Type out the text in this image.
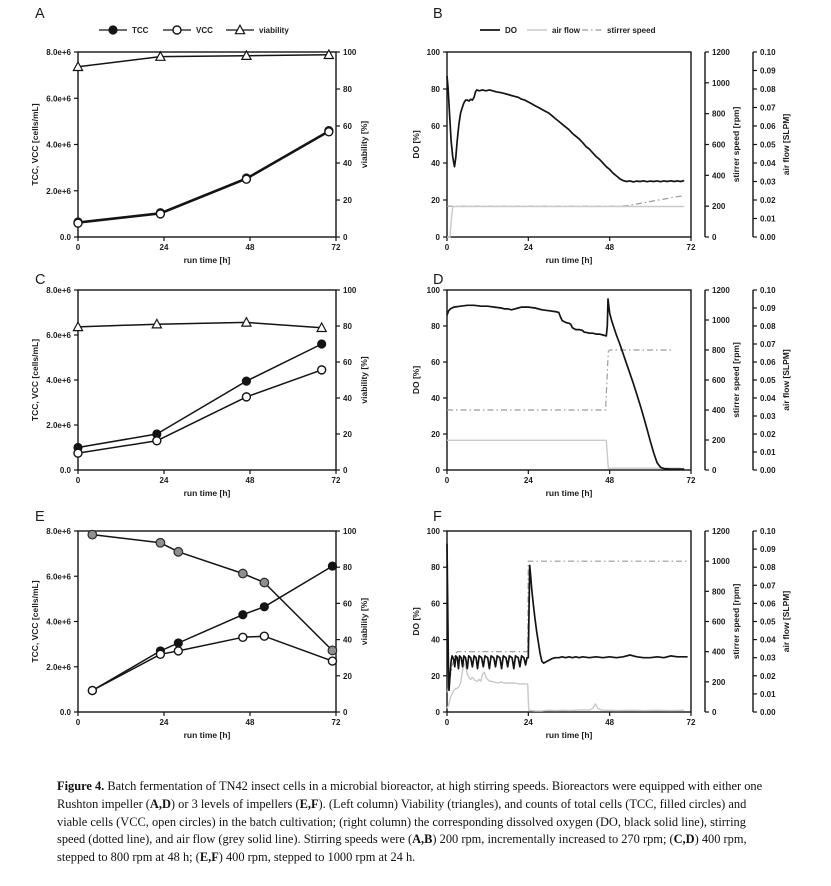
A
0	24	48	72
run time [h]
0.0
2.0e+6
4.0e+6
6.0e+6
8.0e+6
TCC, VCC [cells/mL]
0
20
40
60
80
100
viability [%]
TCC	VCC	viability
B
0	24	48	72
run time [h]
0
20
40
60
80
100
DO [%]
0
200
400
600
800
1000
1200
stirrer speed [rpm]
0.00
0.01
0.02
0.03
0.04
0.05
0.06
0.07
0.08
0.09
0.10
air flow [SLPM]
DO	air flow	stirrer speed
C
0	24	48	72
run time [h]
0.0
2.0e+6
4.0e+6
6.0e+6
8.0e+6
TCC, VCC [cells/mL]
0
20
40
60
80
100
viability [%]
D
0	24	48	72
run time [h]
0
20
40
60
80
100
DO [%]
0
200
400
600
800
1000
1200
stirrer speed [rpm]
0.00
0.01
0.02
0.03
0.04
0.05
0.06
0.07
0.08
0.09
0.10
air flow [SLPM]
E
0	24	48	72
run time [h]
0.0
2.0e+6
4.0e+6
6.0e+6
8.0e+6
TCC, VCC [cells/mL]
0
20
40
60
80
100
viability [%]
F
0	24	48	72
run time [h]
0
20
40
60
80
100
DO [%]
0
200
400
600
800
1000
1200
stirrer speed [rpm]
0.00
0.01
0.02
0.03
0.04
0.05
0.06
0.07
0.08
0.09
0.10
air flow [SLPM]

Figure 4. Batch fermentation of TN42 insect cells in a microbial bioreactor, at high stirring speeds. Bioreactors were equipped with either one Rushton impeller (A,D) or 3 levels of impellers (E,F). (Left column) Viability (triangles), and counts of total cells (TCC, filled circles) and viable cells (VCC, open circles) in the batch cultivation; (right column) the corresponding dissolved oxygen (DO, black solid line), stirring speed (dotted line), and air flow (grey solid line). Stirring speeds were (A,B) 200 rpm, incrementally increased to 270 rpm; (C,D) 400 rpm, stepped to 800 rpm at 48 h; (E,F) 400 rpm, stepped to 1000 rpm at 24 h.
